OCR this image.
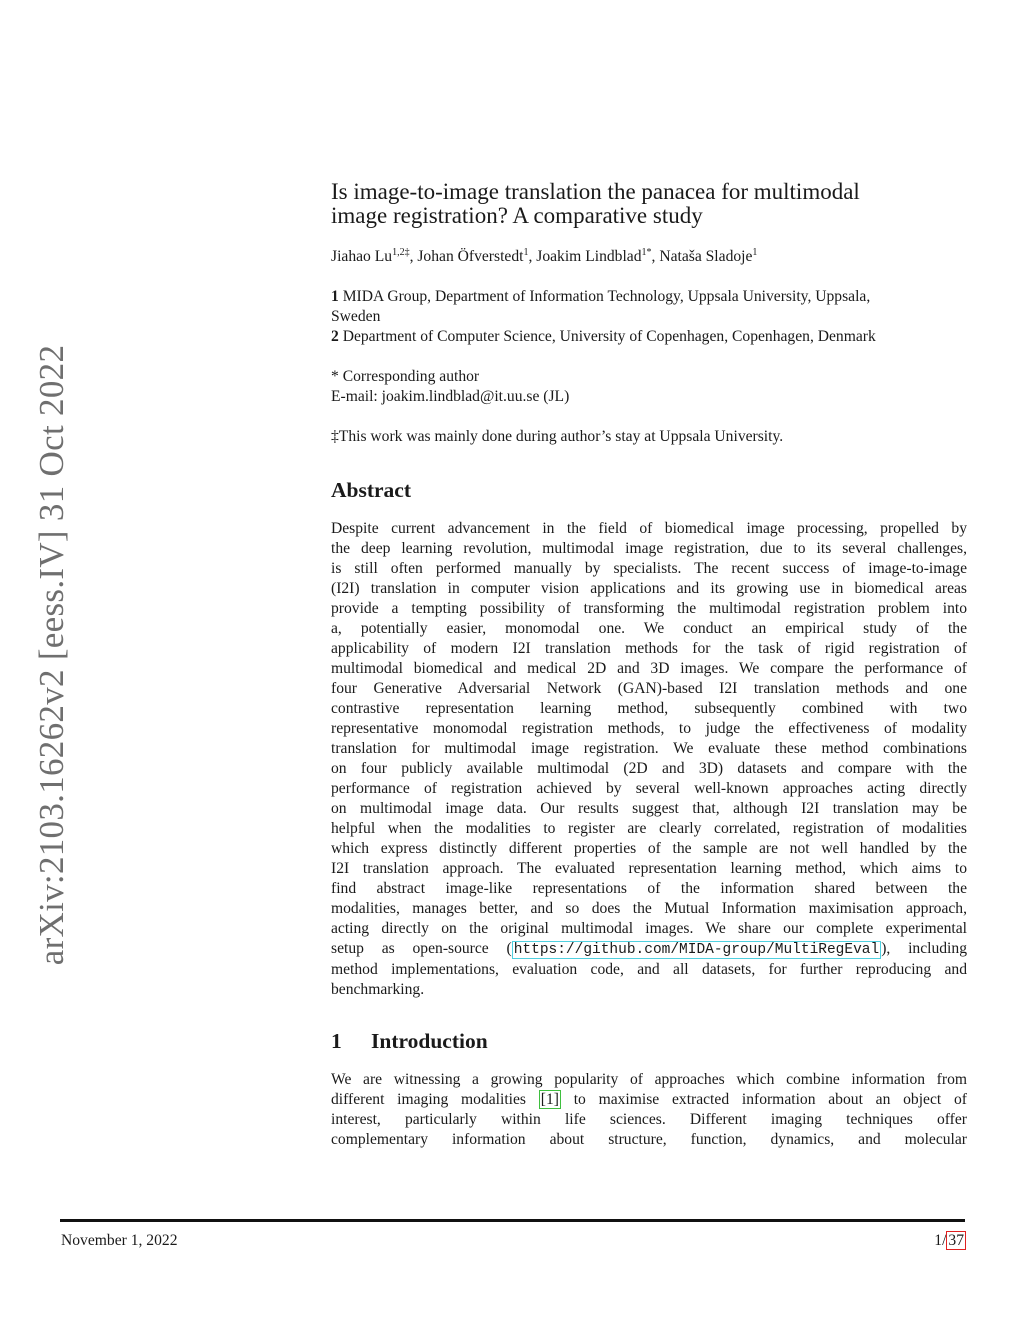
arXiv:2103.16262v2 [eess.IV] 31 Oct 2022
Is image-to-image translation the panacea for multimodal
image registration? A comparative study
Jiahao $Lu^{1,2\ddagger}$, Johan Öfverstedt$^1$, Joakim Lindblad$^{1*}$, Nataša Sladoje$^1$
1 MIDA Group, Department of Information Technology, Uppsala University, Uppsala,
Sweden
2 Department of Computer Science, University of Copenhagen, Copenhagen, Denmark
* Corresponding author
E-mail: joakim.lindblad@it.uu.se (JL)
‡This work was mainly done during author’s stay at Uppsala University.
Abstract
Despite current advancement in the field of biomedical image processing, propelled by
the deep learning revolution, multimodal image registration, due to its several challenges,
is still often performed manually by specialists. The recent success of image-to-image
(I2I) translation in computer vision applications and its growing use in biomedical areas
provide a tempting possibility of transforming the multimodal registration problem into
a, potentially easier, monomodal one. We conduct an empirical study of the
applicability of modern I2I translation methods for the task of rigid registration of
multimodal biomedical and medical 2D and 3D images. We compare the performance of
four Generative Adversarial Network (GAN)-based I2I translation methods and one
contrastive representation learning method, subsequently combined with two
representative monomodal registration methods, to judge the effectiveness of modality
translation for multimodal image registration. We evaluate these method combinations
on four publicly available multimodal (2D and 3D) datasets and compare with the
performance of registration achieved by several well-known approaches acting directly
on multimodal image data. Our results suggest that, although I2I translation may be
helpful when the modalities to register are clearly correlated, registration of modalities
which express distinctly different properties of the sample are not well handled by the
I2I translation approach. The evaluated representation learning method, which aims to
find abstract image-like representations of the information shared between the
modalities, manages better, and so does the Mutual Information maximisation approach,
acting directly on the original multimodal images. We share our complete experimental
setup as open-source ( https://github.com/MIDA-group/MultiRegEval ), including
method implementations, evaluation code, and all datasets, for further reproducing and
benchmarking.
1 Introduction
We are witnessing a growing popularity of approaches which combine information from
different imaging modalities [1] to maximise extracted information about an object of
interest, particularly within life sciences. Different imaging techniques offer
complementary information about structure, function, dynamics, and molecular
November 1, 2022	1/ 37
